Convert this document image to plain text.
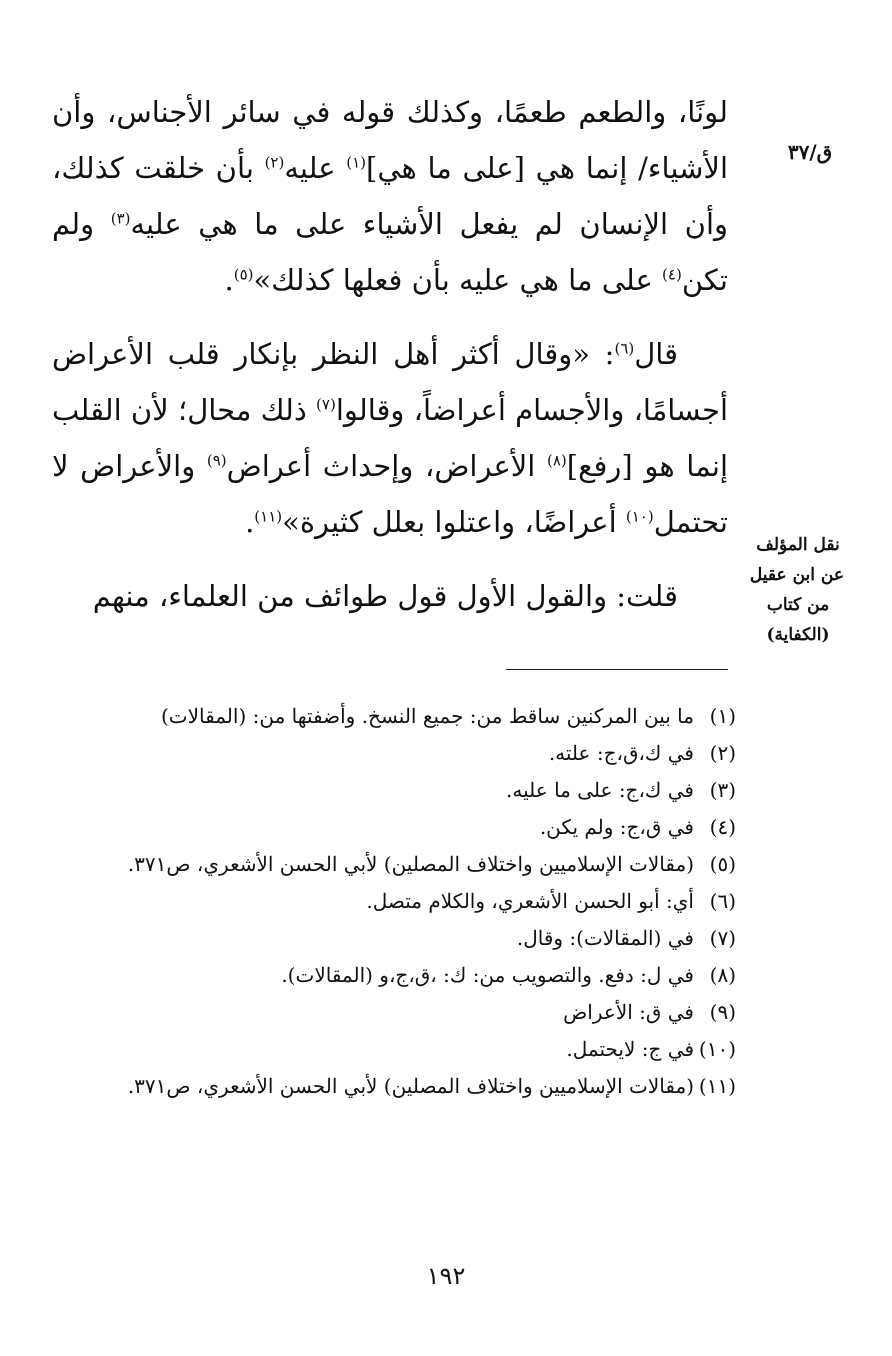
ق/٣٧
نقل المؤلف
عن ابن عقيل
من كتاب
(الكفاية)

لونًا، والطعم طعمًا، وكذلك قوله في سائر الأجناس، وأن الأشياء/ إنما هي [على ما هي]$^{(١)}$ عليه$^{(٢)}$ بأن خلقت كذلك، وأن الإنسان لم يفعل الأشياء على ما هي عليه$^{(٣)}$ ولم تكن$^{(٤)}$ على ما هي عليه بأن فعلها كذلك»$^{(٥)}$.

قال$^{(٦)}$: «وقال أكثر أهل النظر بإنكار قلب الأعراض أجسامًا، والأجسام أعراضاً، وقالوا$^{(٧)}$ ذلك محال؛ لأن القلب إنما هو [رفع]$^{(٨)}$ الأعراض، وإحداث أعراض$^{(٩)}$ والأعراض لا تحتمل$^{(١٠)}$ أعراضًا، واعتلوا بعلل كثيرة»$^{(١١)}$.

قلت: والقول الأول قول طوائف من العلماء، منهم

(١)
ما بين المركنين ساقط من: جميع النسخ. وأضفتها من: (المقالات)
(٢)
في ك،ق،ج: علته.
(٣)
في ك،ج: على ما عليه.
(٤)
في ق،ج: ولم يكن.
(٥)
(مقالات الإسلاميين واختلاف المصلين) لأبي الحسن الأشعري، ص٣٧١.
(٦)
أي: أبو الحسن الأشعري، والكلام متصل.
(٧)
في (المقالات): وقال.
(٨)
في ل: دفع. والتصويب من: ك: ،ق،ج،و (المقالات).
(٩)
في ق: الأعراض
(١٠)
في ج: لايحتمل.
(١١)
(مقالات الإسلاميين واختلاف المصلين) لأبي الحسن الأشعري، ص٣٧١.
١٩٢
